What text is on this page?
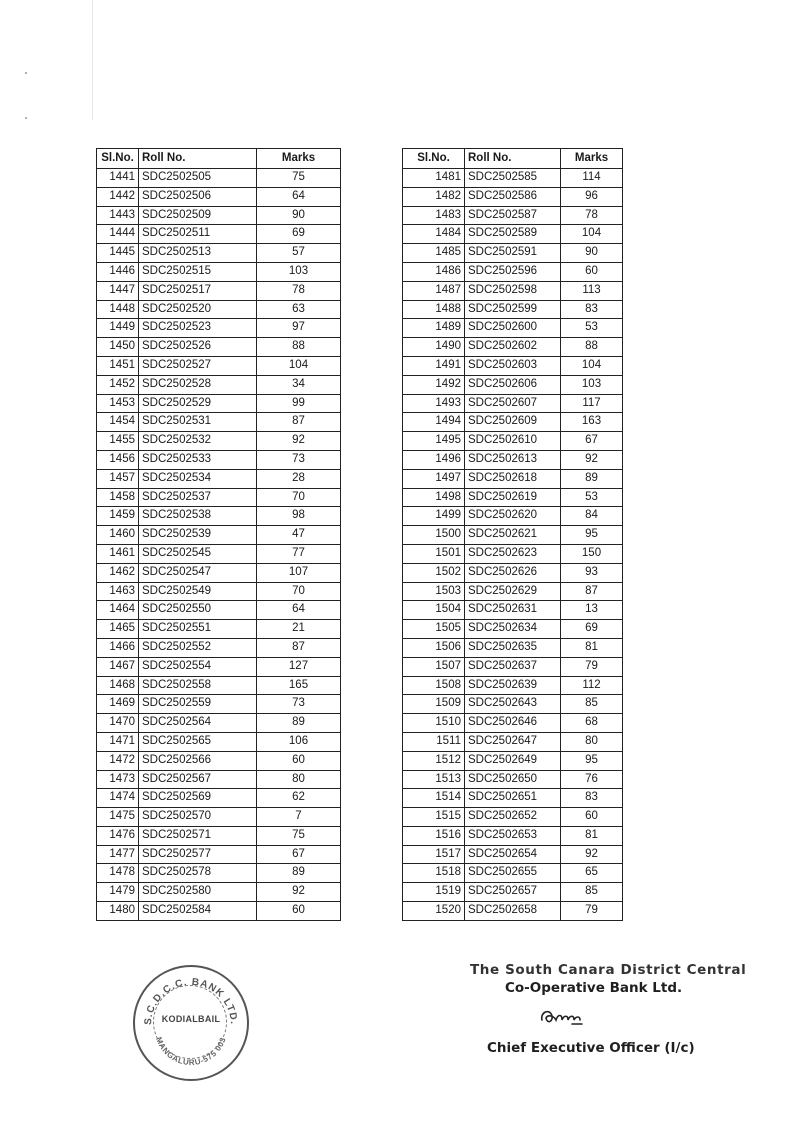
Sl.No.	Roll No.	Marks
1441	SDC2502505	75
1442	SDC2502506	64
1443	SDC2502509	90
1444	SDC2502511	69
1445	SDC2502513	57
1446	SDC2502515	103
1447	SDC2502517	78
1448	SDC2502520	63
1449	SDC2502523	97
1450	SDC2502526	88
1451	SDC2502527	104
1452	SDC2502528	34
1453	SDC2502529	99
1454	SDC2502531	87
1455	SDC2502532	92
1456	SDC2502533	73
1457	SDC2502534	28
1458	SDC2502537	70
1459	SDC2502538	98
1460	SDC2502539	47
1461	SDC2502545	77
1462	SDC2502547	107
1463	SDC2502549	70
1464	SDC2502550	64
1465	SDC2502551	21
1466	SDC2502552	87
1467	SDC2502554	127
1468	SDC2502558	165
1469	SDC2502559	73
1470	SDC2502564	89
1471	SDC2502565	106
1472	SDC2502566	60
1473	SDC2502567	80
1474	SDC2502569	62
1475	SDC2502570	7
1476	SDC2502571	75
1477	SDC2502577	67
1478	SDC2502578	89
1479	SDC2502580	92
1480	SDC2502584	60
Sl.No.	Roll No.	Marks
1481	SDC2502585	114
1482	SDC2502586	96
1483	SDC2502587	78
1484	SDC2502589	104
1485	SDC2502591	90
1486	SDC2502596	60
1487	SDC2502598	113
1488	SDC2502599	83
1489	SDC2502600	53
1490	SDC2502602	88
1491	SDC2502603	104
1492	SDC2502606	103
1493	SDC2502607	117
1494	SDC2502609	163
1495	SDC2502610	67
1496	SDC2502613	92
1497	SDC2502618	89
1498	SDC2502619	53
1499	SDC2502620	84
1500	SDC2502621	95
1501	SDC2502623	150
1502	SDC2502626	93
1503	SDC2502629	87
1504	SDC2502631	13
1505	SDC2502634	69
1506	SDC2502635	81
1507	SDC2502637	79
1508	SDC2502639	112
1509	SDC2502643	85
1510	SDC2502646	68
1511	SDC2502647	80
1512	SDC2502649	95
1513	SDC2502650	76
1514	SDC2502651	83
1515	SDC2502652	60
1516	SDC2502653	81
1517	SDC2502654	92
1518	SDC2502655	65
1519	SDC2502657	85
1520	SDC2502658	79
S.C.D.C.C. BANK LTD.
MANGALURU-575 003
KODIALBAIL
The South Canara District Central
Co-Operative Bank Ltd.
Chief Executive Officer (I/c)
